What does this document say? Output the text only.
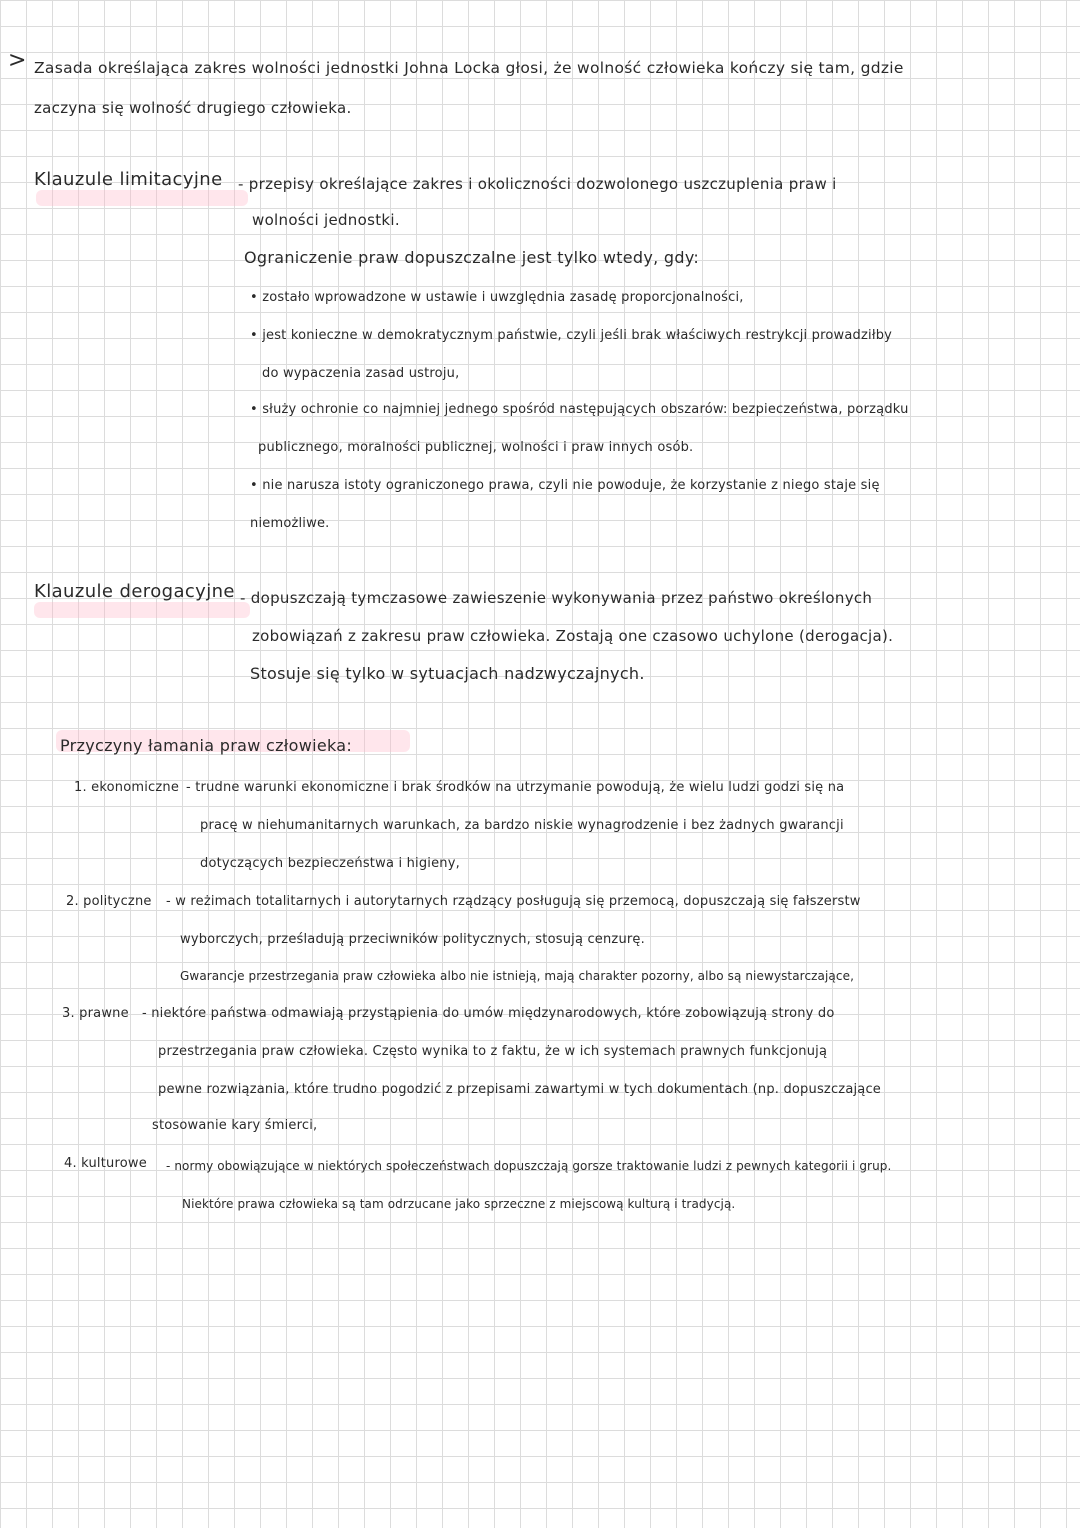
> Zasada określająca zakres wolności jednostki Johna Locka głosi, że wolność człowieka kończy się tam, gdzie
zaczyna się wolność drugiego człowieka.
Klauzule limitacyjne - przepisy określające zakres i okoliczności dozwolonego uszczuplenia praw i
wolności jednostki.
Ograniczenie praw dopuszczalne jest tylko wtedy, gdy:
• zostało wprowadzone w ustawie i uwzględnia zasadę proporcjonalności,
• jest konieczne w demokratycznym państwie, czyli jeśli brak właściwych restrykcji prowadziłby
do wypaczenia zasad ustroju,
• służy ochronie co najmniej jednego spośród następujących obszarów: bezpieczeństwa, porządku
publicznego, moralności publicznej, wolności i praw innych osób.
• nie narusza istoty ograniczonego prawa, czyli nie powoduje, że korzystanie z niego staje się
niemożliwe.
Klauzule derogacyjne - dopuszczają tymczasowe zawieszenie wykonywania przez państwo określonych
zobowiązań z zakresu praw człowieka. Zostają one czasowo uchylone (derogacja).
Stosuje się tylko w sytuacjach nadzwyczajnych.
Przyczyny łamania praw człowieka:
1. ekonomiczne - trudne warunki ekonomiczne i brak środków na utrzymanie powodują, że wielu ludzi godzi się na
pracę w niehumanitarnych warunkach, za bardzo niskie wynagrodzenie i bez żadnych gwarancji
dotyczących bezpieczeństwa i higieny,
2. polityczne - w reżimach totalitarnych i autorytarnych rządzący posługują się przemocą, dopuszczają się fałszerstw
wyborczych, prześladują przeciwników politycznych, stosują cenzurę.
Gwarancje przestrzegania praw człowieka albo nie istnieją, mają charakter pozorny, albo są niewystarczające,
3. prawne - niektóre państwa odmawiają przystąpienia do umów międzynarodowych, które zobowiązują strony do
przestrzegania praw człowieka. Często wynika to z faktu, że w ich systemach prawnych funkcjonują
pewne rozwiązania, które trudno pogodzić z przepisami zawartymi w tych dokumentach (np. dopuszczające
stosowanie kary śmierci,
4. kulturowe - normy obowiązujące w niektórych społeczeństwach dopuszczają gorsze traktowanie ludzi z pewnych kategorii i grup.
Niektóre prawa człowieka są tam odrzucane jako sprzeczne z miejscową kulturą i tradycją.
